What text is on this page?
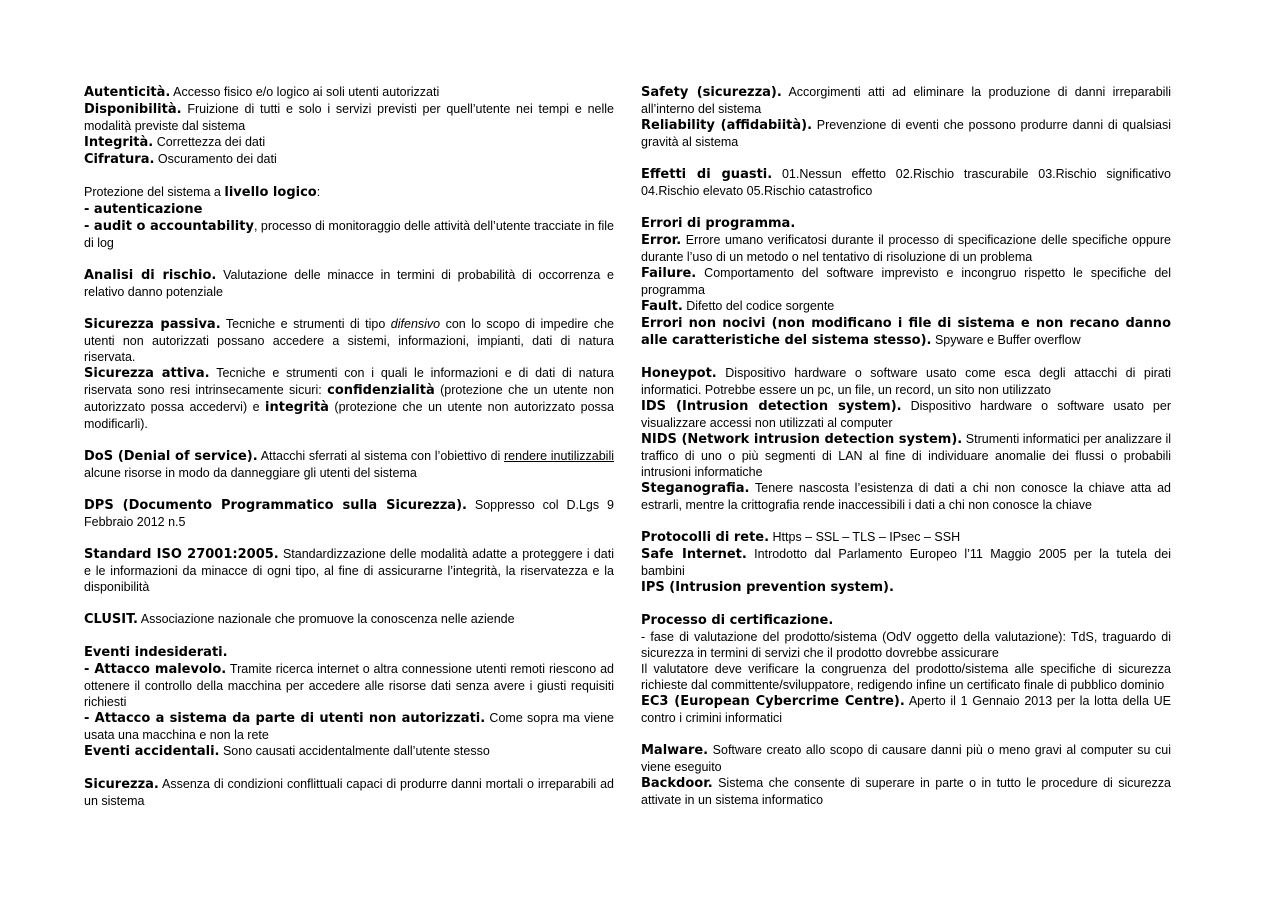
Autenticità. Accesso fisico e/o logico ai soli utenti autorizzati

Disponibilità. Fruizione di tutti e solo i servizi previsti per quell’utente nei tempi e nelle modalità previste dal sistema

Integrità. Correttezza dei dati

Cifratura. Oscuramento dei dati

Protezione del sistema a livello logico:

- autenticazione

- audit o accountability, processo di monitoraggio delle attività dell’utente tracciate in file di log

Analisi di rischio. Valutazione delle minacce in termini di probabilità di occorrenza e relativo danno potenziale

Sicurezza passiva. Tecniche e strumenti di tipo difensivo con lo scopo di impedire che utenti non autorizzati possano accedere a sistemi, informazioni, impianti, dati di natura riservata.

Sicurezza attiva. Tecniche e strumenti con i quali le informazioni e di dati di natura riservata sono resi intrinsecamente sicuri: confidenzialità (protezione che un utente non autorizzato possa accedervi) e integrità (protezione che un utente non autorizzato possa modificarli).

DoS (Denial of service). Attacchi sferrati al sistema con l’obiettivo di rendere inutilizzabili alcune risorse in modo da danneggiare gli utenti del sistema

DPS (Documento Programmatico sulla Sicurezza). Soppresso col D.Lgs 9 Febbraio 2012 n.5

Standard ISO 27001:2005. Standardizzazione delle modalità adatte a proteggere i dati e le informazioni da minacce di ogni tipo, al fine di assicurarne l’integrità, la riservatezza e la disponibilità

CLUSIT. Associazione nazionale che promuove la conoscenza nelle aziende

Eventi indesiderati.

- Attacco malevolo. Tramite ricerca internet o altra connessione utenti remoti riescono ad ottenere il controllo della macchina per accedere alle risorse dati senza avere i giusti requisiti richiesti

- Attacco a sistema da parte di utenti non autorizzati. Come sopra ma viene usata una macchina e non la rete

Eventi accidentali. Sono causati accidentalmente dall’utente stesso

Sicurezza. Assenza di condizioni conflittuali capaci di produrre danni mortali o irreparabili ad un sistema

Safety (sicurezza). Accorgimenti atti ad eliminare la produzione di danni irreparabili all’interno del sistema

Reliability (affidabiità). Prevenzione di eventi che possono produrre danni di qualsiasi gravità al sistema

Effetti di guasti. 01.Nessun effetto 02.Rischio trascurabile 03.Rischio significativo 04.Rischio elevato 05.Rischio catastrofico

Errori di programma.

Error. Errore umano verificatosi durante il processo di specificazione delle specifiche oppure durante l’uso di un metodo o nel tentativo di risoluzione di un problema

Failure. Comportamento del software imprevisto e incongruo rispetto le specifiche del programma

Fault. Difetto del codice sorgente

Errori non nocivi (non modificano i file di sistema e non recano danno alle caratteristiche del sistema stesso). Spyware e Buffer overflow

Honeypot. Dispositivo hardware o software usato come esca degli attacchi di pirati informatici. Potrebbe essere un pc, un file, un record, un sito non utilizzato

IDS (Intrusion detection system). Dispositivo hardware o software usato per visualizzare accessi non utilizzati al computer

NIDS (Network intrusion detection system). Strumenti informatici per analizzare il traffico di uno o più segmenti di LAN al fine di individuare anomalie dei flussi o probabili intrusioni informatiche

Steganografia. Tenere nascosta l’esistenza di dati a chi non conosce la chiave atta ad estrarli, mentre la crittografia rende inaccessibili i dati a chi non conosce la chiave

Protocolli di rete. Https – SSL – TLS – IPsec – SSH

Safe Internet. Introdotto dal Parlamento Europeo l’11 Maggio 2005 per la tutela dei bambini

IPS (Intrusion prevention system).

Processo di certificazione.

- fase di valutazione del prodotto/sistema (OdV oggetto della valutazione): TdS, traguardo di sicurezza in termini di servizi che il prodotto dovrebbe assicurare

Il valutatore deve verificare la congruenza del prodotto/sistema alle specifiche di sicurezza richieste dal committente/sviluppatore, redigendo infine un certificato finale di pubblico dominio

EC3 (European Cybercrime Centre). Aperto il 1 Gennaio 2013 per la lotta della UE contro i crimini informatici

Malware. Software creato allo scopo di causare danni più o meno gravi al computer su cui viene eseguito

Backdoor. Sistema che consente di superare in parte o in tutto le procedure di sicurezza attivate in un sistema informatico
